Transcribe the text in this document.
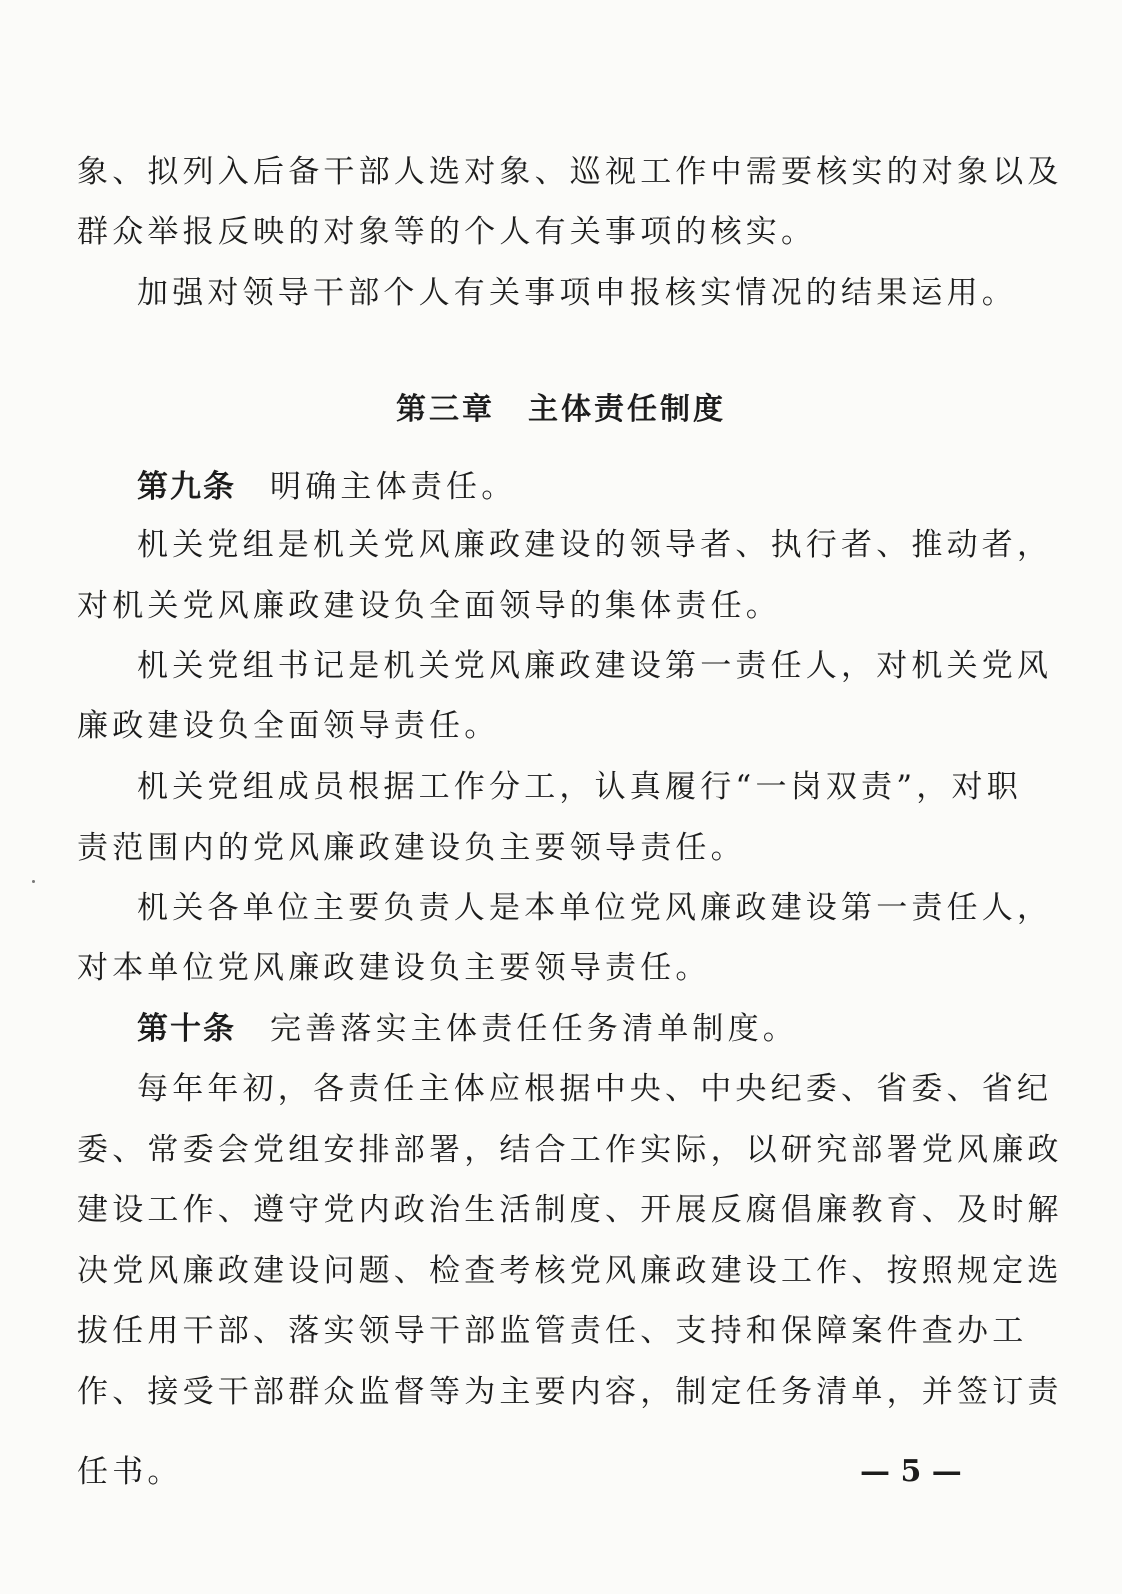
象、拟列入后备干部人选对象、巡视工作中需要核实的对象以及
群众举报反映的对象等的个人有关事项的核实。
加强对领导干部个人有关事项申报核实情况的结果运用。
第三章　主体责任制度
第九条 明确主体责任。
机关党组是机关党风廉政建设的领导者、执行者、推动者，
对机关党风廉政建设负全面领导的集体责任。
机关党组书记是机关党风廉政建设第一责任人，对机关党风
廉政建设负全面领导责任。
机关党组成员根据工作分工，认真履行“一岗双责”，对职
责范围内的党风廉政建设负主要领导责任。
机关各单位主要负责人是本单位党风廉政建设第一责任人，
对本单位党风廉政建设负主要领导责任。
第十条 完善落实主体责任任务清单制度。
每年年初，各责任主体应根据中央、中央纪委、省委、省纪
委、常委会党组安排部署，结合工作实际，以研究部署党风廉政
建设工作、遵守党内政治生活制度、开展反腐倡廉教育、及时解
决党风廉政建设问题、检查考核党风廉政建设工作、按照规定选
拔任用干部、落实领导干部监管责任、支持和保障案件查办工
作、接受干部群众监督等为主要内容，制定任务清单，并签订责
任书。	— 5 —
